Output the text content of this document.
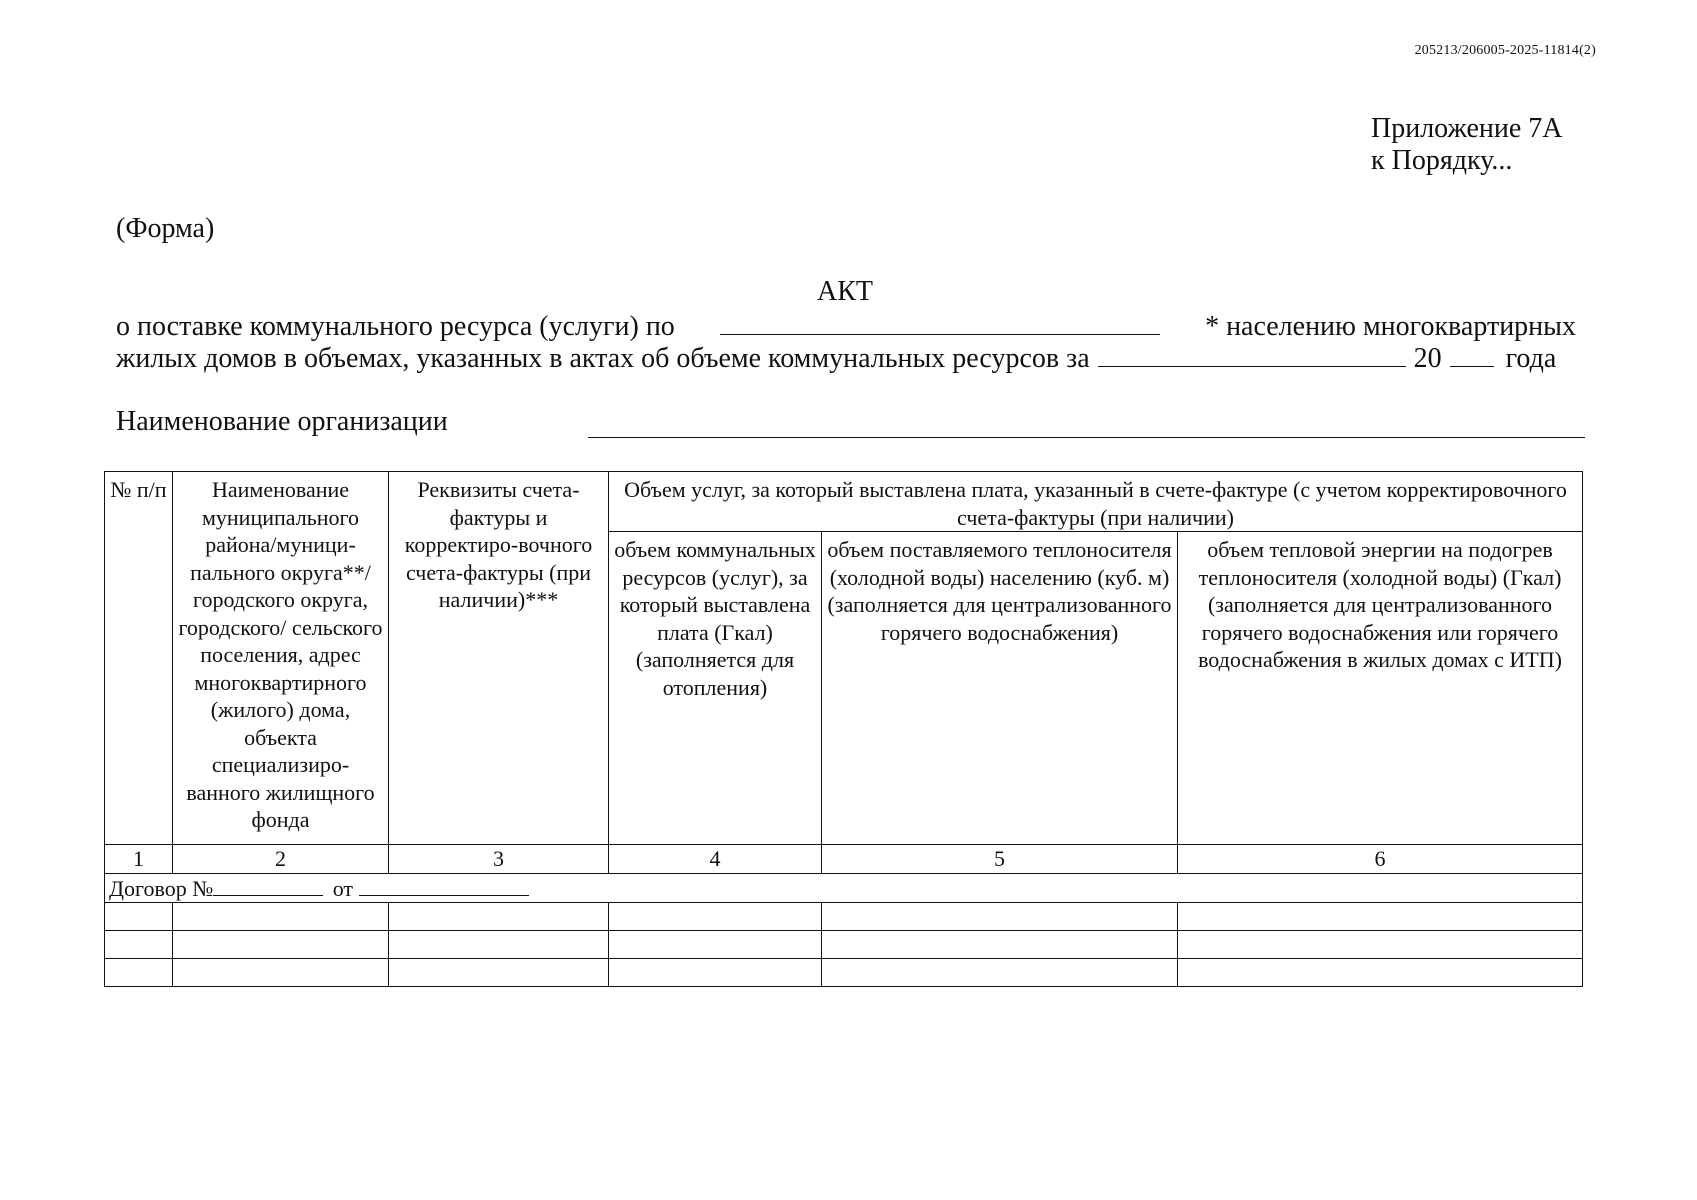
205213/206005-2025-11814(2)
Приложение 7А
к Порядку...
(Форма)
АКТ
о поставке коммунального ресурса (услуги) по	* населению многоквартирных
жилых домов в объемах, указанных в актах об объеме коммунальных ресурсов за	20 года
Наименование организации
№ п/п	Наименование муниципального района/муници-пального округа**/ городского округа, городского/ сельского поселения, адрес многоквартирного (жилого) дома, объекта специализиро-ванного жилищного фонда	Реквизиты счета-фактуры и корректиро-вочного счета-фактуры (при наличии)***	Объем услуг, за который выставлена плата, указанный в счете-фактуре (с учетом корректировочного счета-фактуры (при наличии)		
			объем коммунальных ресурсов (услуг), за который выставлена плата (Гкал) (заполняется для отопления)	объем поставляемого теплоносителя (холодной воды) населению (куб. м) (заполняется для централизованного горячего водоснабжения)	объем тепловой энергии на подогрев теплоносителя (холодной воды) (Гкал) (заполняется для централизованного горячего водоснабжения или горячего водоснабжения в жилых домах с ИТП)
1	2	3	4	5	6
Договор № от					
